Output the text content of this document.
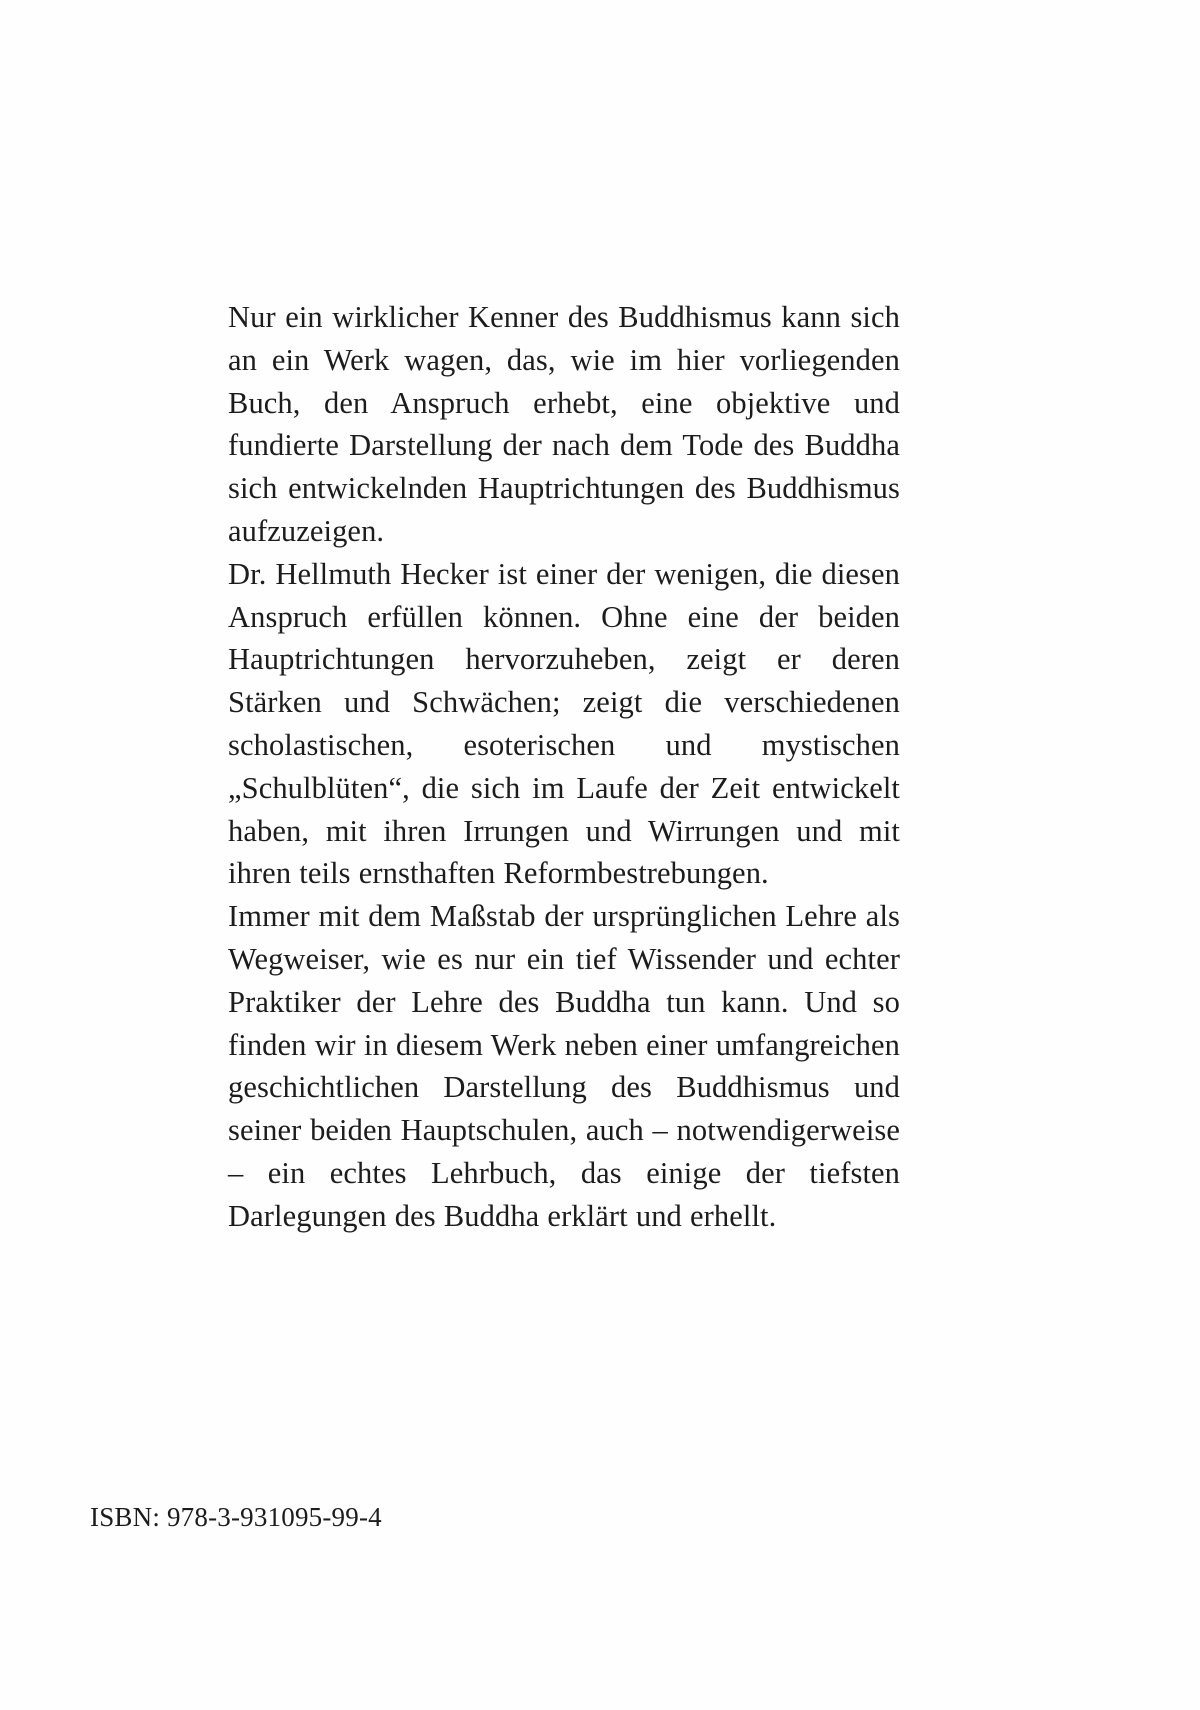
Nur ein wirklicher Kenner des Buddhismus kann sich an ein Werk wagen, das, wie im hier vorliegenden Buch, den Anspruch erhebt, eine objektive und fundierte Darstellung der nach dem Tode des Buddha sich entwickelnden Hauptrichtungen des Buddhismus aufzuzeigen.

Dr. Hellmuth Hecker ist einer der wenigen, die diesen Anspruch erfüllen können. Ohne eine der beiden Hauptrichtungen hervorzuheben, zeigt er deren Stärken und Schwächen; zeigt die verschiedenen scholastischen, esoterischen und mystischen „Schulblüten“, die sich im Laufe der Zeit entwickelt haben, mit ihren Irrungen und Wirrungen und mit ihren teils ernsthaften Reformbestrebungen.

Immer mit dem Maßstab der ursprünglichen Lehre als Wegweiser, wie es nur ein tief Wissender und echter Praktiker der Lehre des Buddha tun kann. Und so finden wir in diesem Werk neben einer umfangreichen geschichtlichen Darstellung des Buddhismus und seiner beiden Hauptschulen, auch – notwendigerweise – ein echtes Lehrbuch, das einige der tiefsten Darlegungen des Buddha erklärt und erhellt.

ISBN: 978-3-931095-99-4
